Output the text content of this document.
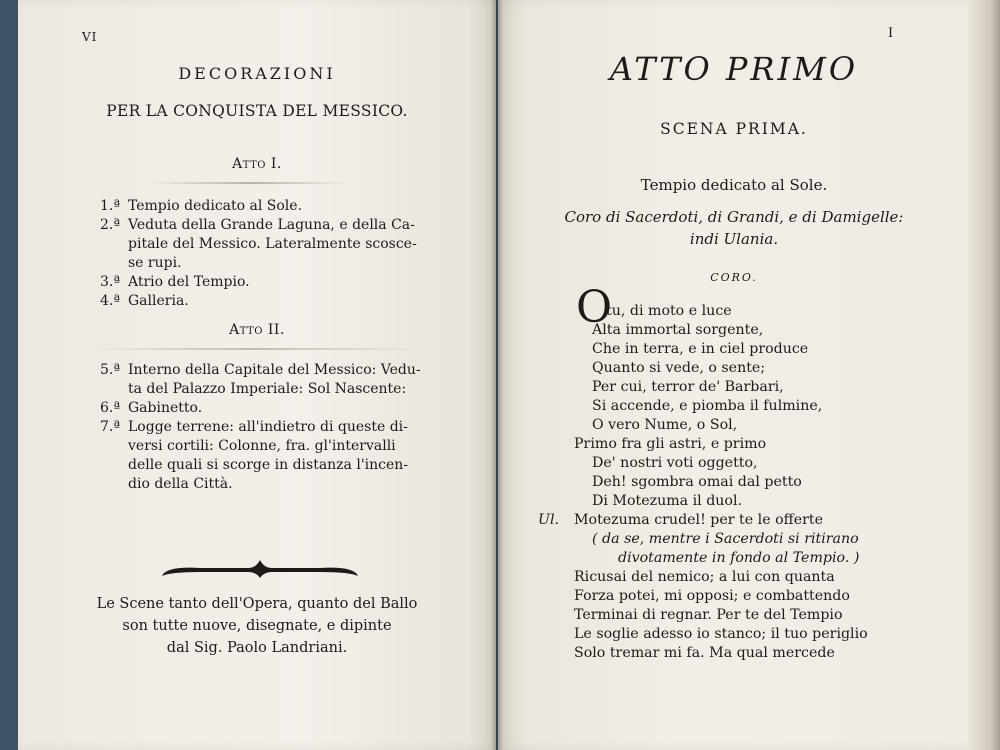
VI
DECORAZIONI
PER LA CONQUISTA DEL MESSICO.
Atto I.
1.ª Tempio dedicato al Sole.
2.ª Veduta della Grande Laguna, e della Ca-
pitale del Messico. Lateralmente scosce-
se rupi.
3.ª Atrio del Tempio.
4.ª Galleria.
Atto II.
5.ª Interno della Capitale del Messico: Vedu-
ta del Palazzo Imperiale: Sol Nascente:
6.ª Gabinetto.
7.ª Logge terrene: all'indietro di queste di-
versi cortili: Colonne, fra. gl'intervalli
delle quali si scorge in distanza l'incen-
dio della Città.
Le Scene tanto dell'Opera, quanto del Ballo
son tutte nuove, disegnate, e dipinte
dal Sig. Paolo Landriani.
I
ATTO PRIMO
SCENA PRIMA.
Tempio dedicato al Sole.
Coro di Sacerdoti, di Grandi, e di Damigelle:
indi Ulania.
CORO.
O
tu, di moto e luce
Alta immortal sorgente,
Che in terra, e in ciel produce
Quanto si vede, o sente;
Per cui, terror de' Barbari,
Si accende, e piomba il fulmine,
O vero Nume, o Sol,
Primo fra gli astri, e primo
De' nostri voti oggetto,
Deh! sgombra omai dal petto
Di Motezuma il duol.
Ul. Motezuma crudel! per te le offerte
( da se, mentre i Sacerdoti si ritirano
divotamente in fondo al Tempio. )
Ricusai del nemico; a lui con quanta
Forza potei, mi opposi; e combattendo
Terminai di regnar. Per te del Tempio
Le soglie adesso io stanco; il tuo periglio
Solo tremar mi fa. Ma qual mercede
